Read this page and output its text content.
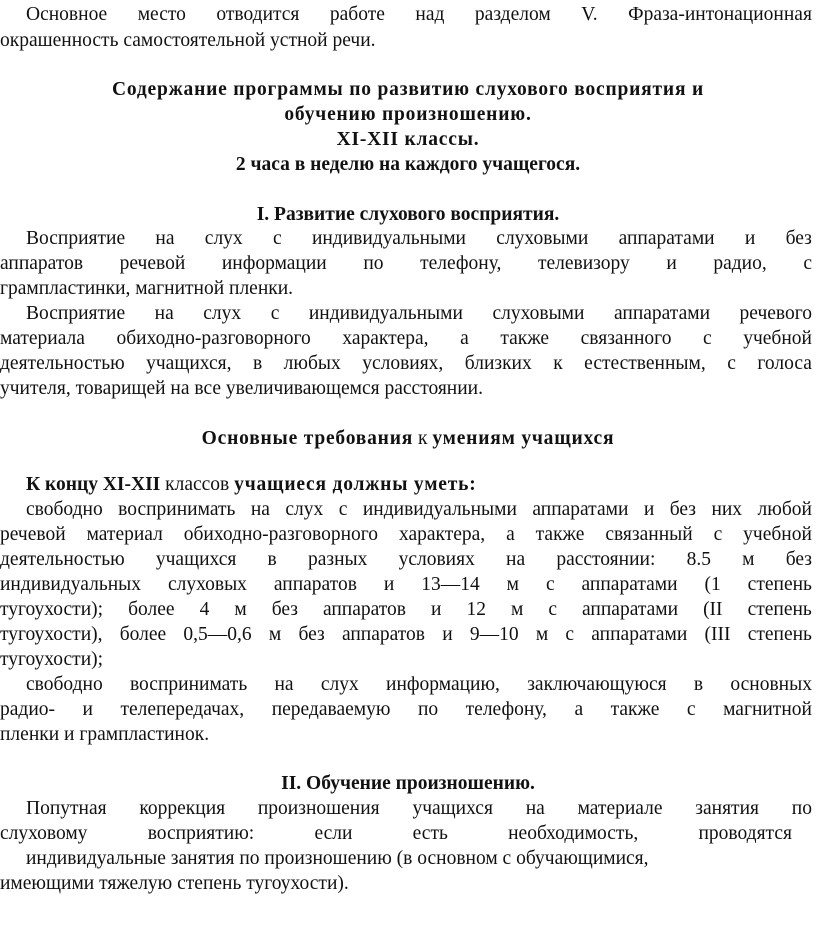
Основное место отводится работе над разделом V. Фраза-интонационная
окрашенность самостоятельной устной речи.
Содержание программы по развитию слухового восприятия и
обучению произношению.
XI-XII классы.
2 часа в неделю на каждого учащегося.
I. Развитие слухового восприятия.
Восприятие на слух с индивидуальными слуховыми аппаратами и без
аппаратов речевой информации по телефону, телевизору и радио, с
грампластинки, магнитной пленки.
Восприятие на слух с индивидуальными слуховыми аппаратами речевого
материала обиходно-разговорного характера, а также связанного с учебной
деятельностью учащихся, в любых условиях, близких к естественным, с голоса
учителя, товарищей на все увеличивающемся расстоянии.
Основные требования к умениям учащихся
К концу XI-XII классов учащиеся должны уметь:
свободно воспринимать на слух с индивидуальными аппаратами и без них любой
речевой материал обиходно-разговорного характера, а также связанный с учебной
деятельностью учащихся в разных условиях на расстоянии: 8.5 м без
индивидуальных слуховых аппаратов и 13—14 м с аппаратами (1 степень
тугоухости); более 4 м без аппаратов и 12 м с аппаратами (II степень
тугоухости), более 0,5—0,6 м без аппаратов и 9—10 м с аппаратами (III степень
тугоухости);
свободно воспринимать на слух информацию, заключающуюся в основных
радио- и телепередачах, передаваемую по телефону, а также с магнитной
пленки и грампластинок.
II. Обучение произношению.
Попутная коррекция произношения учащихся на материале занятия по
слуховому	восприятию:	если	есть	необходимость,	проводятся
индивидуальные занятия по произношению (в основном с обучающимися,
имеющими тяжелую степень тугоухости).
